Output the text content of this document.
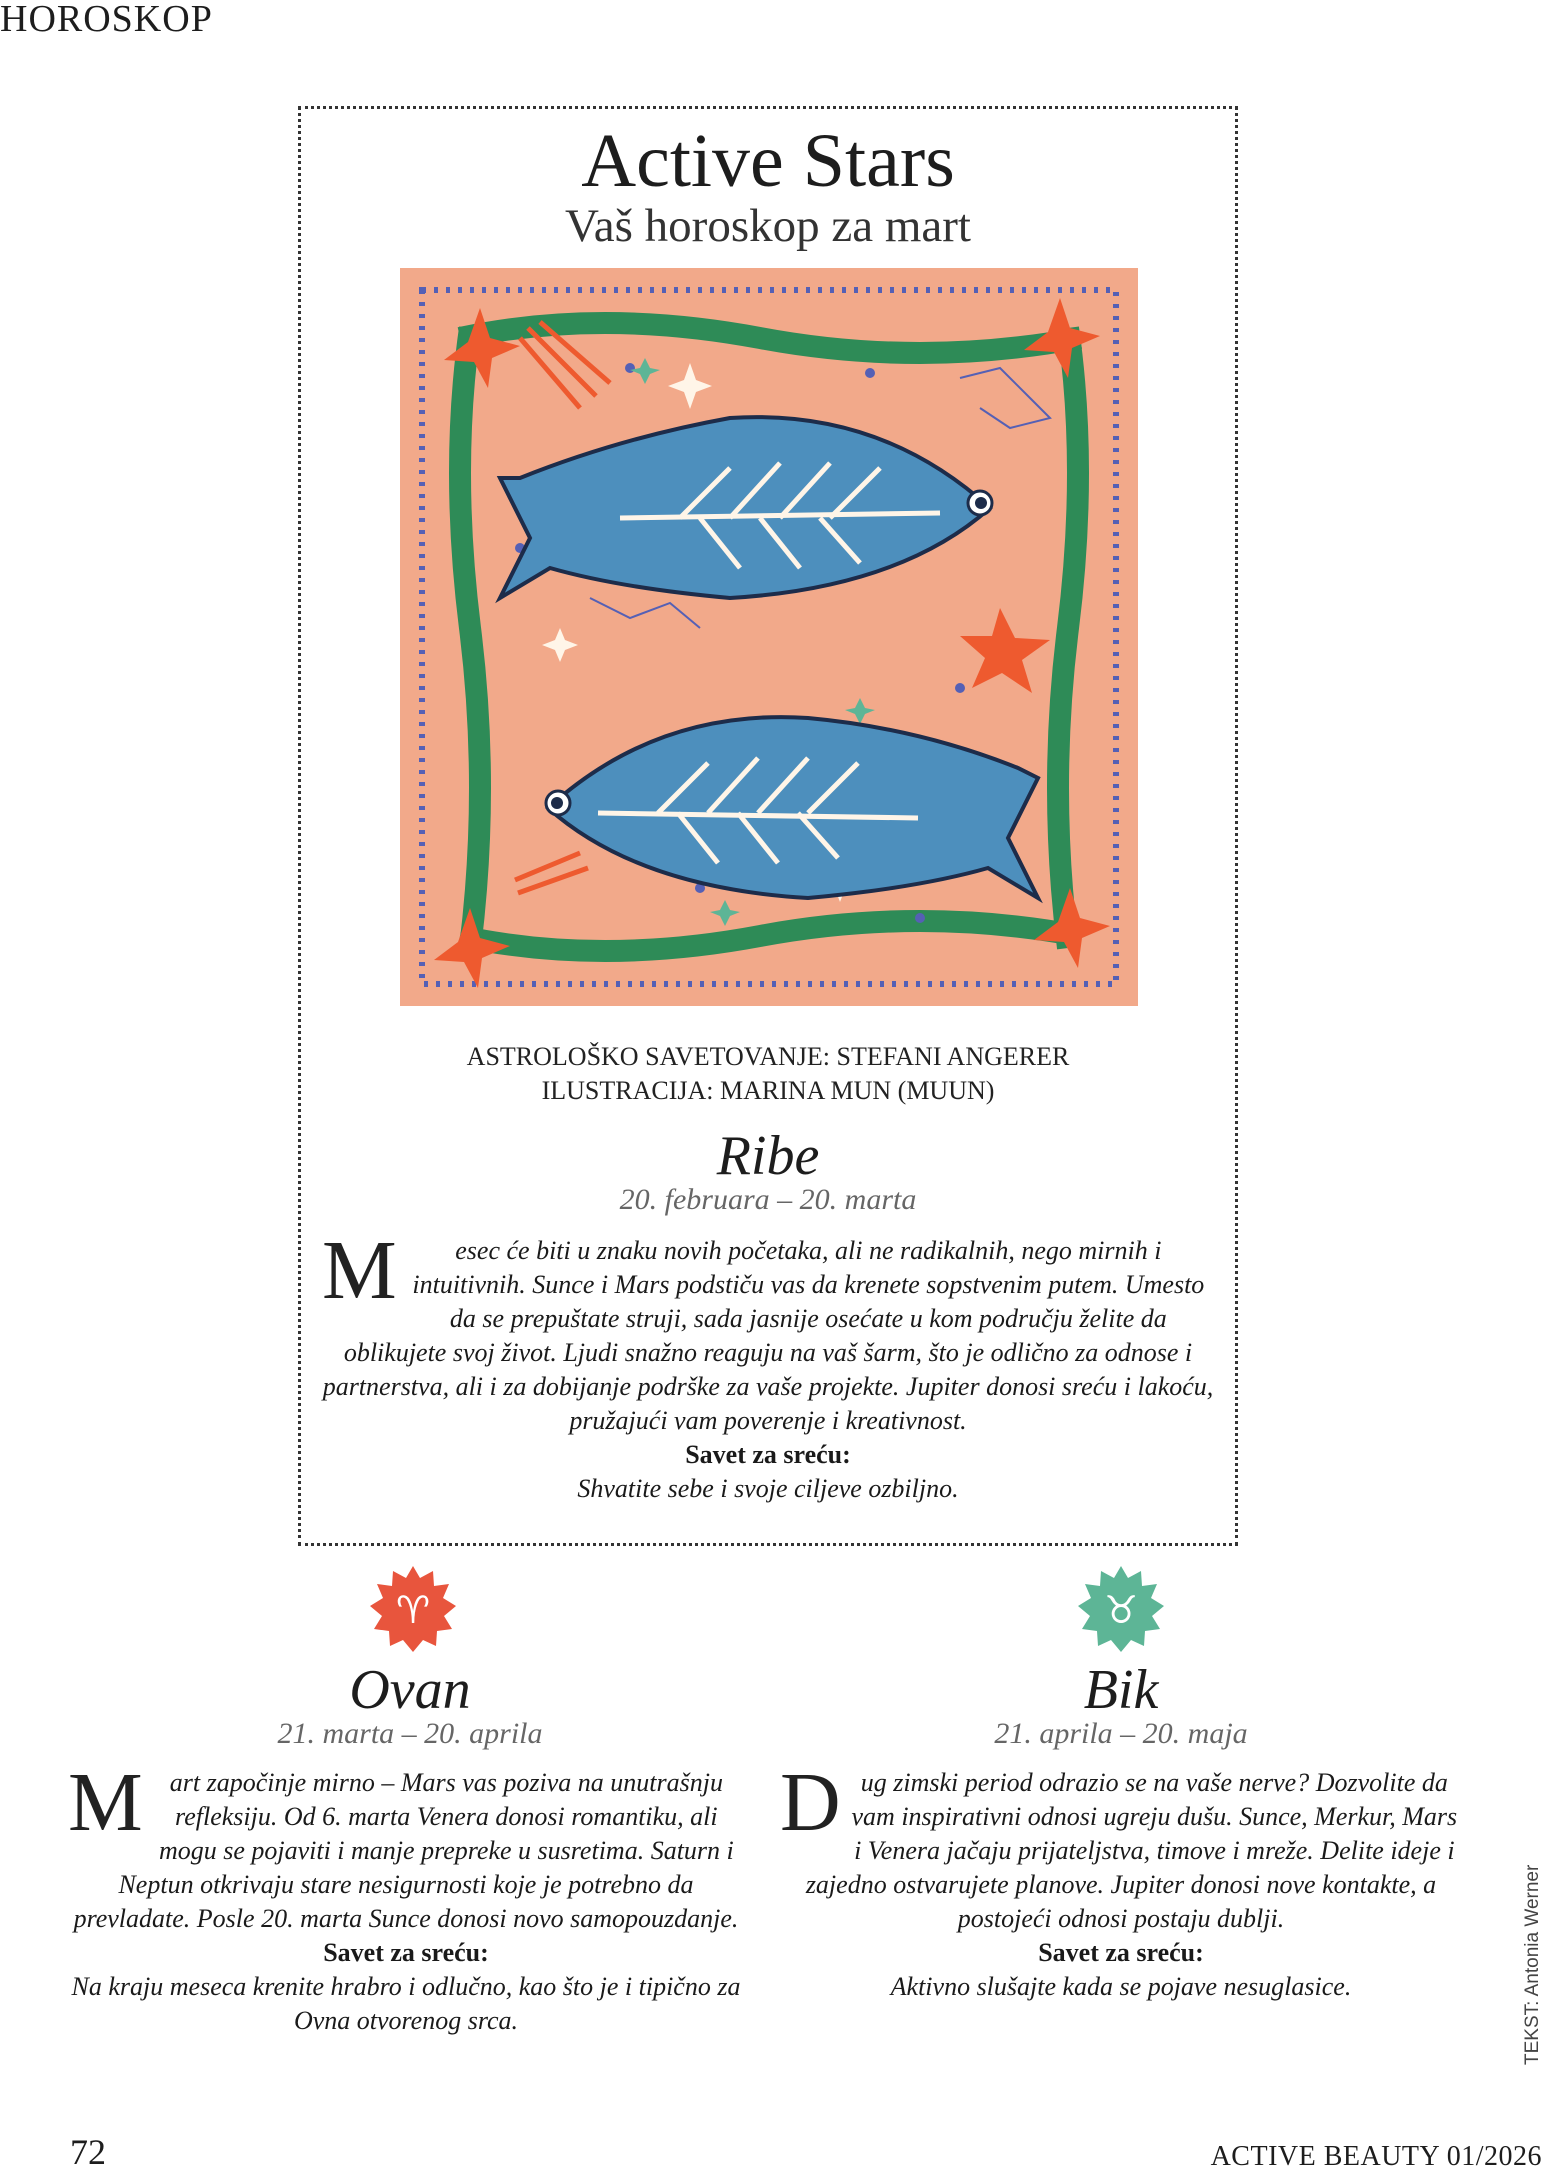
HOROSKOP
Active Stars
Vaš horoskop za mart
ASTROLOŠKO SAVETOVANJE: STEFANI ANGERER
ILUSTRACIJA: MARINA MUN (MUUN)
Ribe
20. februara – 20. marta
M esec će biti u znaku novih početaka, ali ne radikalnih, nego mirnih i intuitivnih. Sunce i Mars podstiču vas da krenete sopstvenim putem. Umesto da se prepuštate struji, sada jasnije osećate u kom području želite da oblikujete svoj život. Ljudi snažno reaguju na vaš šarm, što je odlično za odnose i partnerstva, ali i za dobijanje podrške za vaše projekte. Jupiter donosi sreću i lakoću, pružajući vam poverenje i kreativnost.
Savet za sreću:
Shvatite sebe i svoje ciljeve ozbiljno.
♈	♉
Ovan
21. marta – 20. aprila
M art započinje mirno – Mars vas poziva na unutrašnju refleksiju. Od 6. marta Venera donosi romantiku, ali mogu se pojaviti i manje prepreke u susretima. Saturn i Neptun otkrivaju stare nesigurnosti koje je potrebno da prevladate. Posle 20. marta Sunce donosi novo samopouzdanje.
Savet za sreću:
Na kraju meseca krenite hrabro i odlučno, kao što je i tipično za Ovna otvorenog srca.
Bik
21. aprila – 20. maja
Dug zimski period odrazio se na vaše nerve? Dozvolite da vam inspirativni odnosi ugreju dušu. Sunce, Merkur, Mars i Venera jačaju prijateljstva, timove i mreže. Delite ideje i zajedno ostvarujete planove. Jupiter donosi nove kontakte, a postojeći odnosi postaju dublji.
Savet za sreću:
Aktivno slušajte kada se pojave nesuglasice.	TEKST: Antonia Werner
72	ACTIVE BEAUTY 01/2026
